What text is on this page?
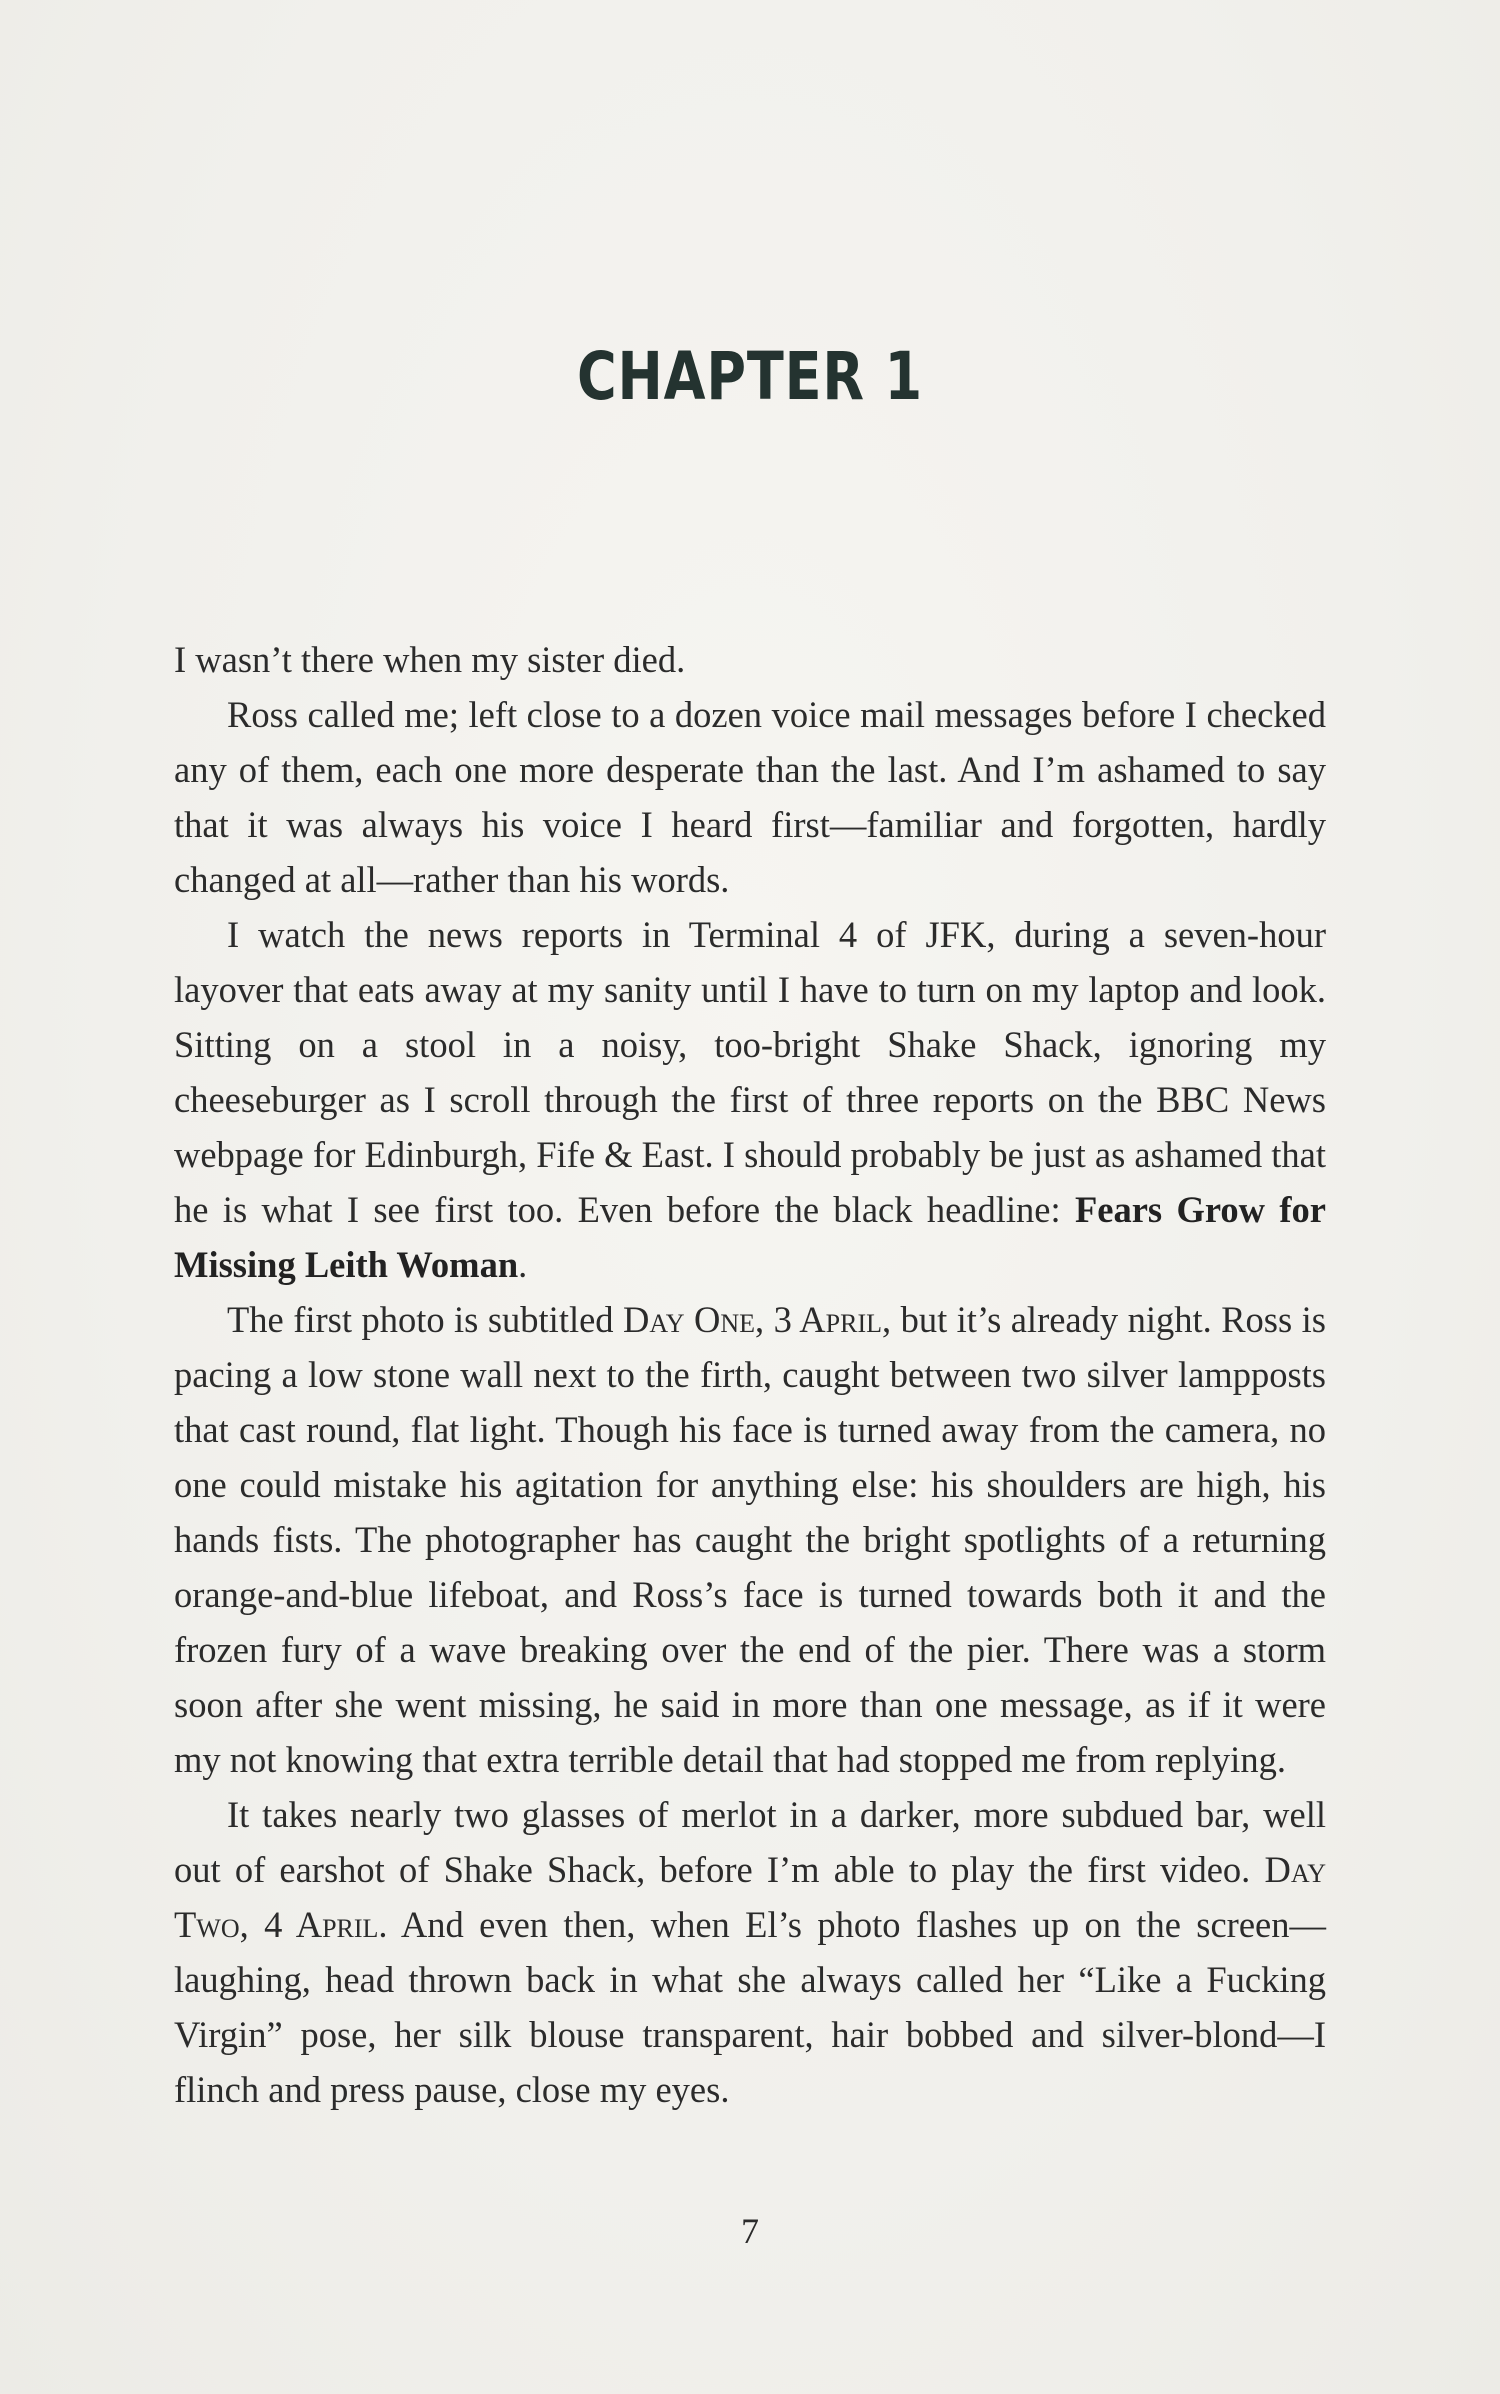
CHAPTER 1

I wasn’t there when my sister died.

Ross called me; left close to a dozen voice mail messages before I checked any of them, each one more desperate than the last. And I’m ashamed to say that it was always his voice I heard first—familiar and forgotten, hardly changed at all—rather than his words.

I watch the news reports in Terminal 4 of JFK, during a seven-hour layover that eats away at my sanity until I have to turn on my laptop and look. Sitting on a stool in a noisy, too-bright Shake Shack, ignoring my cheeseburger as I scroll through the first of three reports on the BBC News webpage for Edinburgh, Fife & East. I should probably be just as ashamed that he is what I see first too. Even before the black headline: Fears Grow for Missing Leith Woman.

The first photo is subtitled Day One, 3 April, but it’s already night. Ross is pacing a low stone wall next to the firth, caught between two silver lampposts that cast round, flat light. Though his face is turned away from the camera, no one could mistake his agitation for anything else: his shoulders are high, his hands fists. The photographer has caught the bright spotlights of a returning orange-and-blue lifeboat, and Ross’s face is turned towards both it and the frozen fury of a wave breaking over the end of the pier. There was a storm soon after she went missing, he said in more than one message, as if it were my not knowing that extra terrible detail that had stopped me from replying.

It takes nearly two glasses of merlot in a darker, more subdued bar, well out of earshot of Shake Shack, before I’m able to play the first video. Day Two, 4 April. And even then, when El’s photo flashes up on the screen—laughing, head thrown back in what she always called her “Like a Fucking Virgin” pose, her silk blouse transparent, hair bobbed and silver-blond—I flinch and press pause, close my eyes.

7
